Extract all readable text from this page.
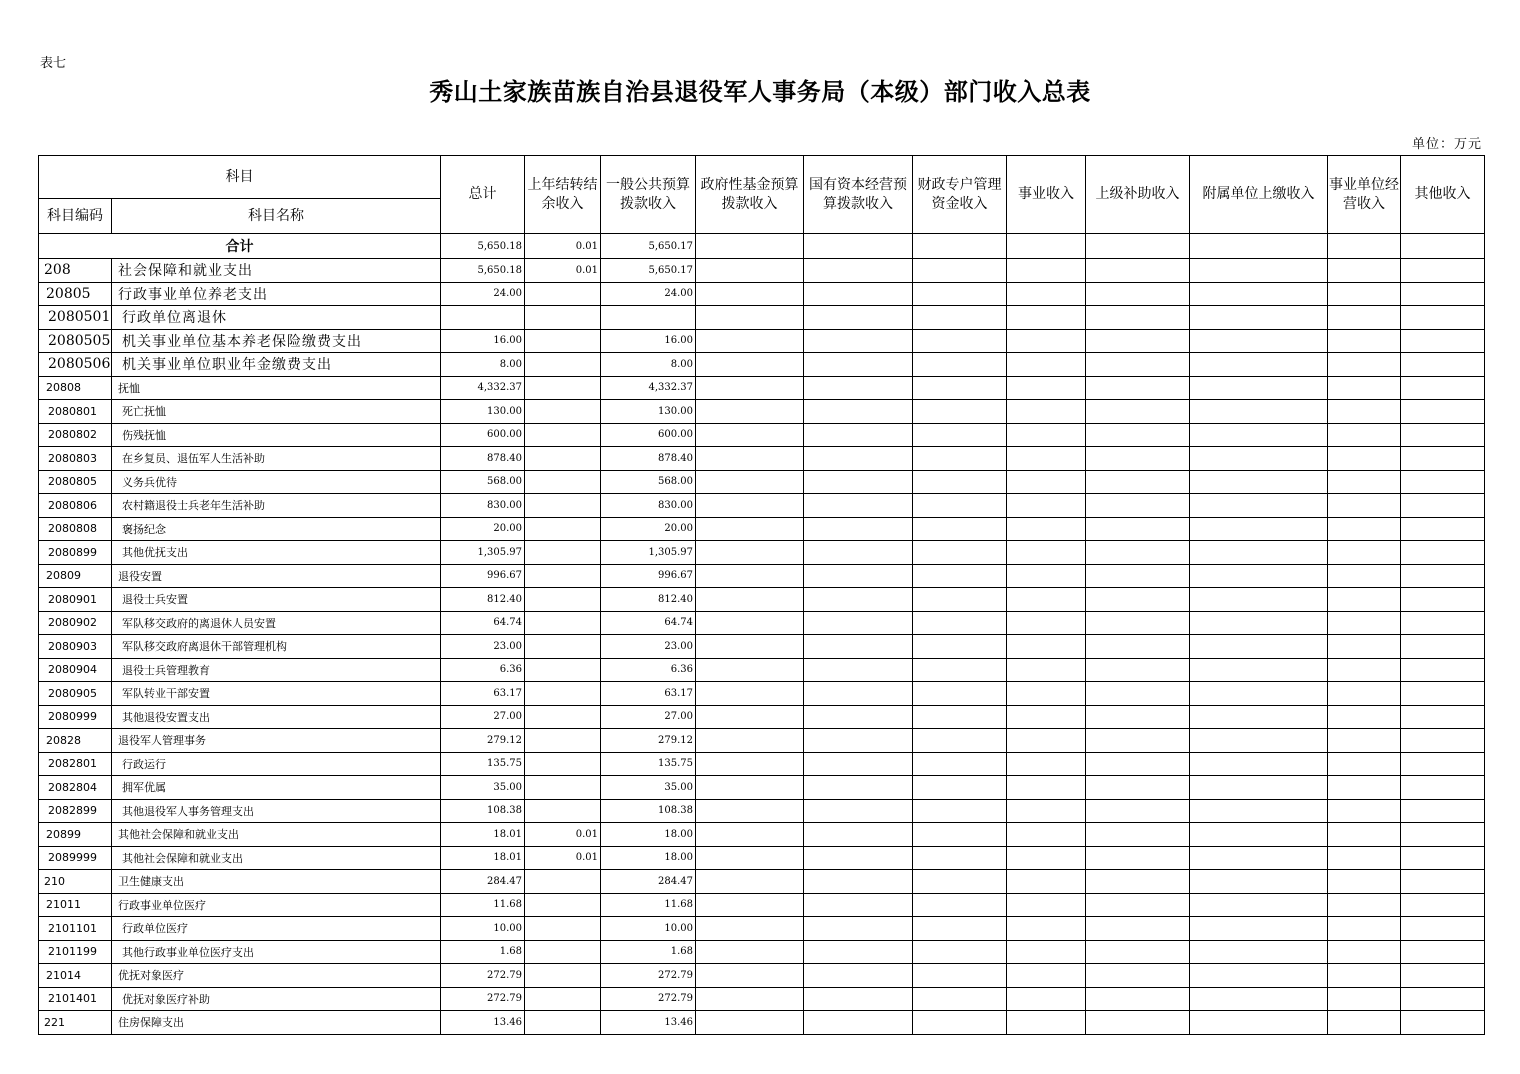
表七
秀山土家族苗族自治县退役军人事务局（本级）部门收入总表
单位：万元
科目		总计	上年结转结余收入	一般公共预算拨款收入	政府性基金预算拨款收入	国有资本经营预算拨款收入	财政专户管理资金收入	事业收入	上级补助收入	附属单位上缴收入	事业单位经营收入	其他收入
科目编码	科目名称											
合计		5,650.18	0.01	5,650.17								
208	社会保障和就业支出	5,650.18	0.01	5,650.17								
20805	行政事业单位养老支出	24.00		24.00								
2080501	行政单位离退休											
2080505	机关事业单位基本养老保险缴费支出	16.00		16.00								
2080506	机关事业单位职业年金缴费支出	8.00		8.00								
20808	抚恤	4,332.37		4,332.37								
2080801	死亡抚恤	130.00		130.00								
2080802	伤残抚恤	600.00		600.00								
2080803	在乡复员、退伍军人生活补助	878.40		878.40								
2080805	义务兵优待	568.00		568.00								
2080806	农村籍退役士兵老年生活补助	830.00		830.00								
2080808	褒扬纪念	20.00		20.00								
2080899	其他优抚支出	1,305.97		1,305.97								
20809	退役安置	996.67		996.67								
2080901	退役士兵安置	812.40		812.40								
2080902	军队移交政府的离退休人员安置	64.74		64.74								
2080903	军队移交政府离退休干部管理机构	23.00		23.00								
2080904	退役士兵管理教育	6.36		6.36								
2080905	军队转业干部安置	63.17		63.17								
2080999	其他退役安置支出	27.00		27.00								
20828	退役军人管理事务	279.12		279.12								
2082801	行政运行	135.75		135.75								
2082804	拥军优属	35.00		35.00								
2082899	其他退役军人事务管理支出	108.38		108.38								
20899	其他社会保障和就业支出	18.01	0.01	18.00								
2089999	其他社会保障和就业支出	18.01	0.01	18.00								
210	卫生健康支出	284.47		284.47								
21011	行政事业单位医疗	11.68		11.68								
2101101	行政单位医疗	10.00		10.00								
2101199	其他行政事业单位医疗支出	1.68		1.68								
21014	优抚对象医疗	272.79		272.79								
2101401	优抚对象医疗补助	272.79		272.79								
221	住房保障支出	13.46		13.46								
